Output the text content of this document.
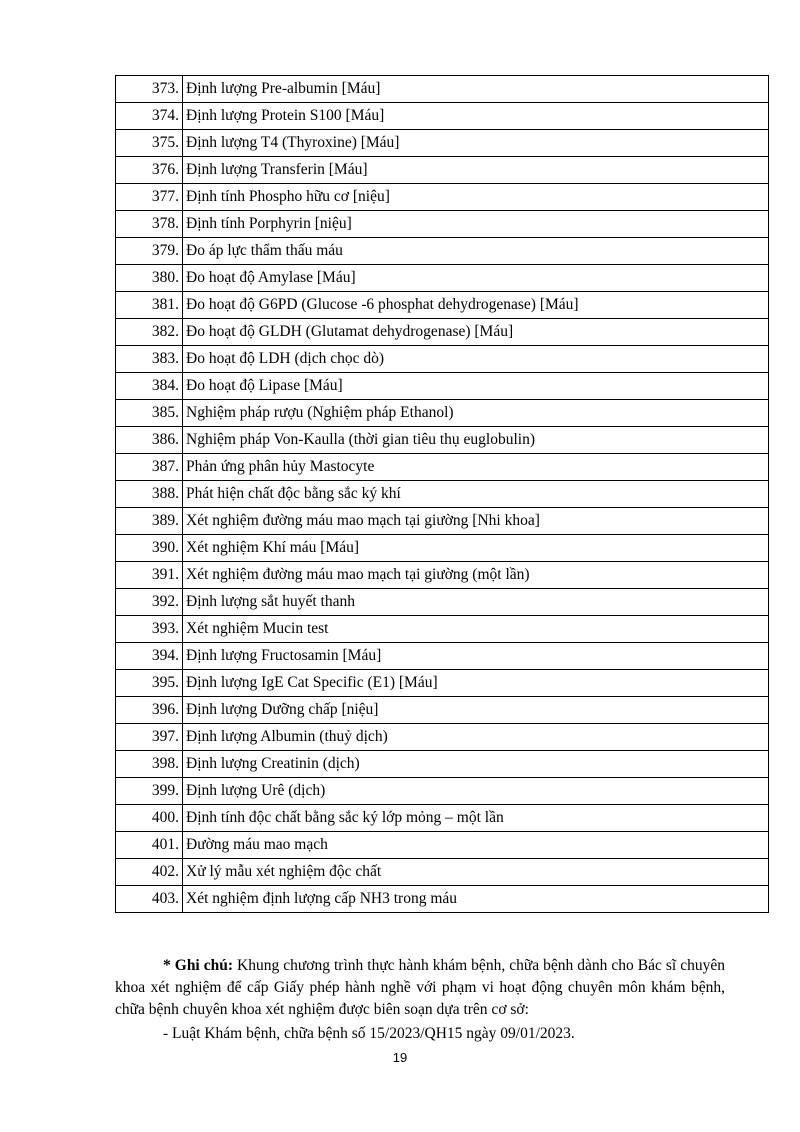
373.	Định lượng Pre-albumin [Máu]
374.	Định lượng Protein S100 [Máu]
375.	Định lượng T4 (Thyroxine) [Máu]
376.	Định lượng Transferin [Máu]
377.	Định tính Phospho hữu cơ [niệu]
378.	Định tính Porphyrin [niệu]
379.	Đo áp lực thẩm thấu máu
380.	Đo hoạt độ Amylase [Máu]
381.	Đo hoạt độ G6PD (Glucose -6 phosphat dehydrogenase) [Máu]
382.	Đo hoạt độ GLDH (Glutamat dehydrogenase) [Máu]
383.	Đo hoạt độ LDH (dịch chọc dò)
384.	Đo hoạt độ Lipase [Máu]
385.	Nghiệm pháp rượu (Nghiệm pháp Ethanol)
386.	Nghiệm pháp Von-Kaulla (thời gian tiêu thụ euglobulin)
387.	Phản ứng phân hủy Mastocyte
388.	Phát hiện chất độc bằng sắc ký khí
389.	Xét nghiệm đường máu mao mạch tại giường [Nhi khoa]
390.	Xét nghiệm Khí máu [Máu]
391.	Xét nghiệm đường máu mao mạch tại giường (một lần)
392.	Định lượng sắt huyết thanh
393.	Xét nghiệm Mucin test
394.	Định lượng Fructosamin [Máu]
395.	Định lượng IgE Cat Specific (E1) [Máu]
396.	Định lượng Dưỡng chấp [niệu]
397.	Định lượng Albumin (thuỷ dịch)
398.	Định lượng Creatinin (dịch)
399.	Định lượng Urê (dịch)
400.	Định tính độc chất bằng sắc ký lớp mỏng – một lần
401.	Đường máu mao mạch
402.	Xử lý mẫu xét nghiệm độc chất
403.	Xét nghiệm định lượng cấp NH3 trong máu

* Ghi chú: Khung chương trình thực hành khám bệnh, chữa bệnh dành cho Bác sĩ chuyên khoa xét nghiệm để cấp Giấy phép hành nghề với phạm vi hoạt động chuyên môn khám bệnh, chữa bệnh chuyên khoa xét nghiệm được biên soạn dựa trên cơ sở:

- Luật Khám bệnh, chữa bệnh số 15/2023/QH15 ngày 09/01/2023.

19
